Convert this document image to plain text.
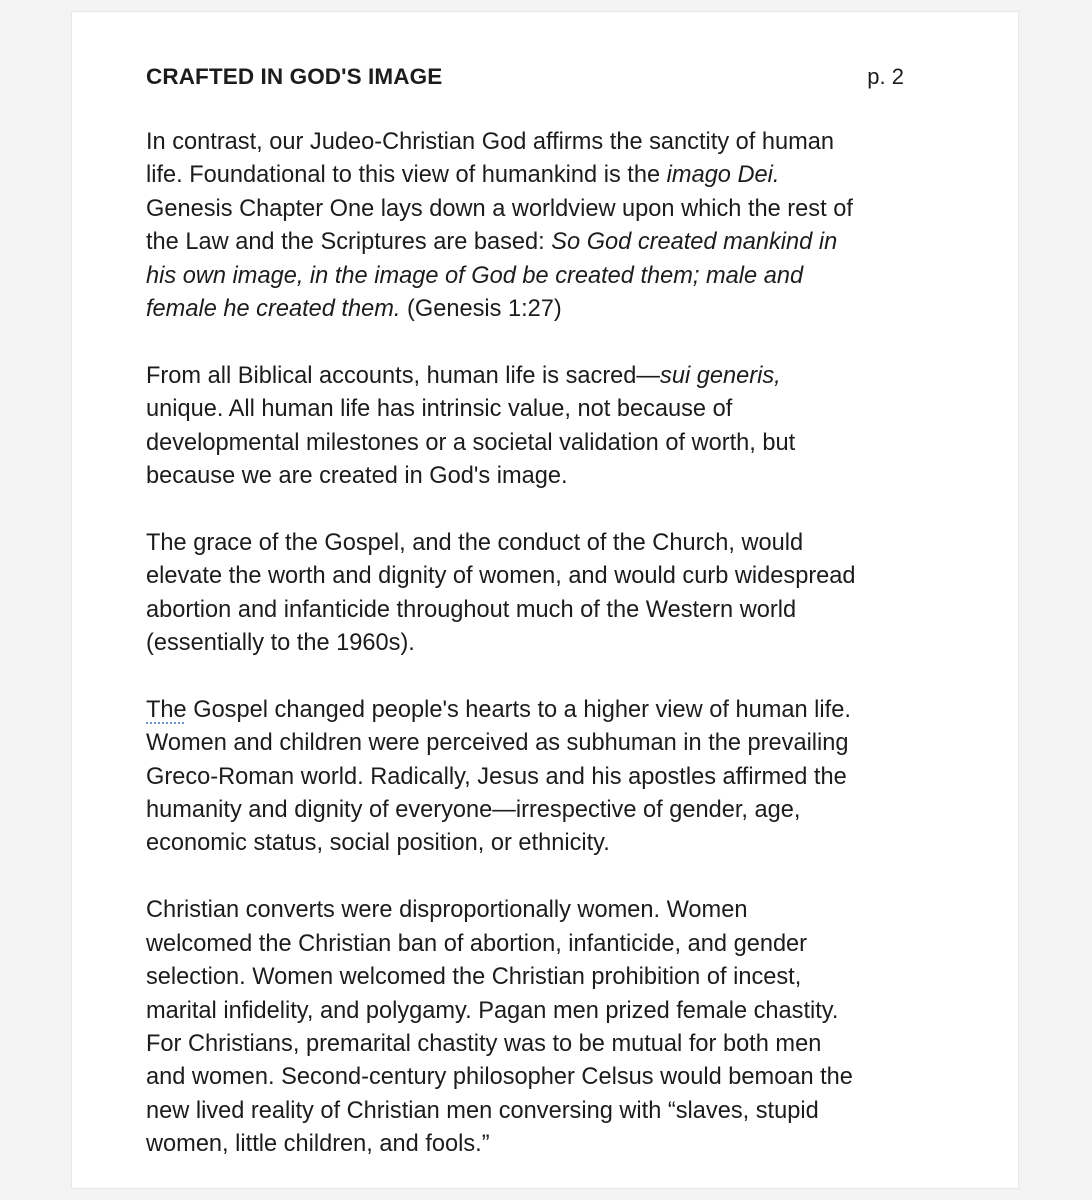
CRAFTED IN GOD'S IMAGE	p. 2

In contrast, our Judeo-Christian God affirms the sanctity of human
life. Foundational to this view of humankind is the imago Dei.
Genesis Chapter One lays down a worldview upon which the rest of
the Law and the Scriptures are based: So God created mankind in
his own image, in the image of God be created them; male and
female he created them. (Genesis 1:27)

From all Biblical accounts, human life is sacred—sui generis,
unique. All human life has intrinsic value, not because of
developmental milestones or a societal validation of worth, but
because we are created in God's image.

The grace of the Gospel, and the conduct of the Church, would
elevate the worth and dignity of women, and would curb widespread
abortion and infanticide throughout much of the Western world
(essentially to the 1960s).

The Gospel changed people's hearts to a higher view of human life.
Women and children were perceived as subhuman in the prevailing
Greco-Roman world. Radically, Jesus and his apostles affirmed the
humanity and dignity of everyone—irrespective of gender, age,
economic status, social position, or ethnicity.

Christian converts were disproportionally women. Women
welcomed the Christian ban of abortion, infanticide, and gender
selection. Women welcomed the Christian prohibition of incest,
marital infidelity, and polygamy. Pagan men prized female chastity.
For Christians, premarital chastity was to be mutual for both men
and women. Second-century philosopher Celsus would bemoan the
new lived reality of Christian men conversing with “slaves, stupid
women, little children, and fools.”
